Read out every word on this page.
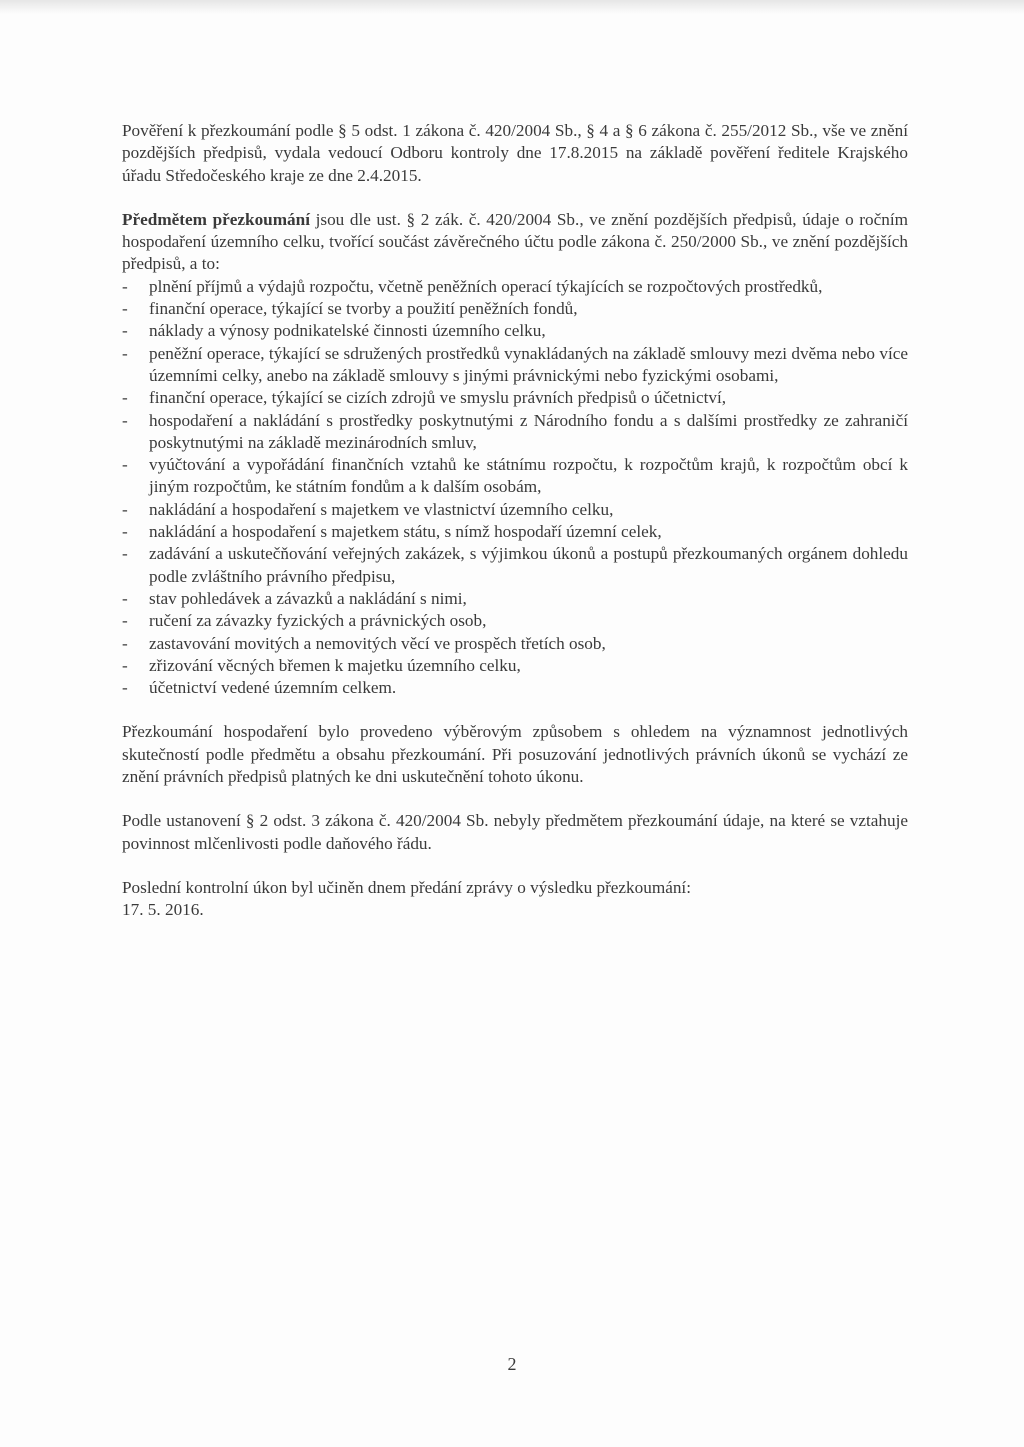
Pověření k přezkoumání podle § 5 odst. 1 zákona č. 420/2004 Sb., § 4 a § 6 zákona č. 255/2012 Sb., vše ve znění pozdějších předpisů, vydala vedoucí Odboru kontroly dne 17.8.2015 na základě pověření ředitele Krajského úřadu Středočeského kraje ze dne 2.4.2015.

Předmětem přezkoumání jsou dle ust. § 2 zák. č. 420/2004 Sb., ve znění pozdějších předpisů, údaje o ročním hospodaření územního celku, tvořící součást závěrečného účtu podle zákona č. 250/2000 Sb., ve znění pozdějších předpisů, a to:

-	plnění příjmů a výdajů rozpočtu, včetně peněžních operací týkajících se rozpočtových prostředků,
-	finanční operace, týkající se tvorby a použití peněžních fondů,
-	náklady a výnosy podnikatelské činnosti územního celku,
-	peněžní operace, týkající se sdružených prostředků vynakládaných na základě smlouvy mezi dvěma nebo více územními celky, anebo na základě smlouvy s jinými právnickými nebo fyzickými osobami,
-	finanční operace, týkající se cizích zdrojů ve smyslu právních předpisů o účetnictví,
-	hospodaření a nakládání s prostředky poskytnutými z Národního fondu a s dalšími prostředky ze zahraničí poskytnutými na základě mezinárodních smluv,
-	vyúčtování a vypořádání finančních vztahů ke státnímu rozpočtu, k rozpočtům krajů, k rozpočtům obcí k jiným rozpočtům, ke státním fondům a k dalším osobám,
-	nakládání a hospodaření s majetkem ve vlastnictví územního celku,
-	nakládání a hospodaření s majetkem státu, s nímž hospodaří územní celek,
-	zadávání a uskutečňování veřejných zakázek, s výjimkou úkonů a postupů přezkoumaných orgánem dohledu podle zvláštního právního předpisu,
-	stav pohledávek a závazků a nakládání s nimi,
-	ručení za závazky fyzických a právnických osob,
-	zastavování movitých a nemovitých věcí ve prospěch třetích osob,
-	zřizování věcných břemen k majetku územního celku,
-	účetnictví vedené územním celkem.

Přezkoumání hospodaření bylo provedeno výběrovým způsobem s ohledem na významnost jednotlivých skutečností podle předmětu a obsahu přezkoumání. Při posuzování jednotlivých právních úkonů se vychází ze znění právních předpisů platných ke dni uskutečnění tohoto úkonu.

Podle ustanovení § 2 odst. 3 zákona č. 420/2004 Sb. nebyly předmětem přezkoumání údaje, na které se vztahuje povinnost mlčenlivosti podle daňového řádu.

Poslední kontrolní úkon byl učiněn dnem předání zprávy o výsledku přezkoumání:

17. 5. 2016.

2
